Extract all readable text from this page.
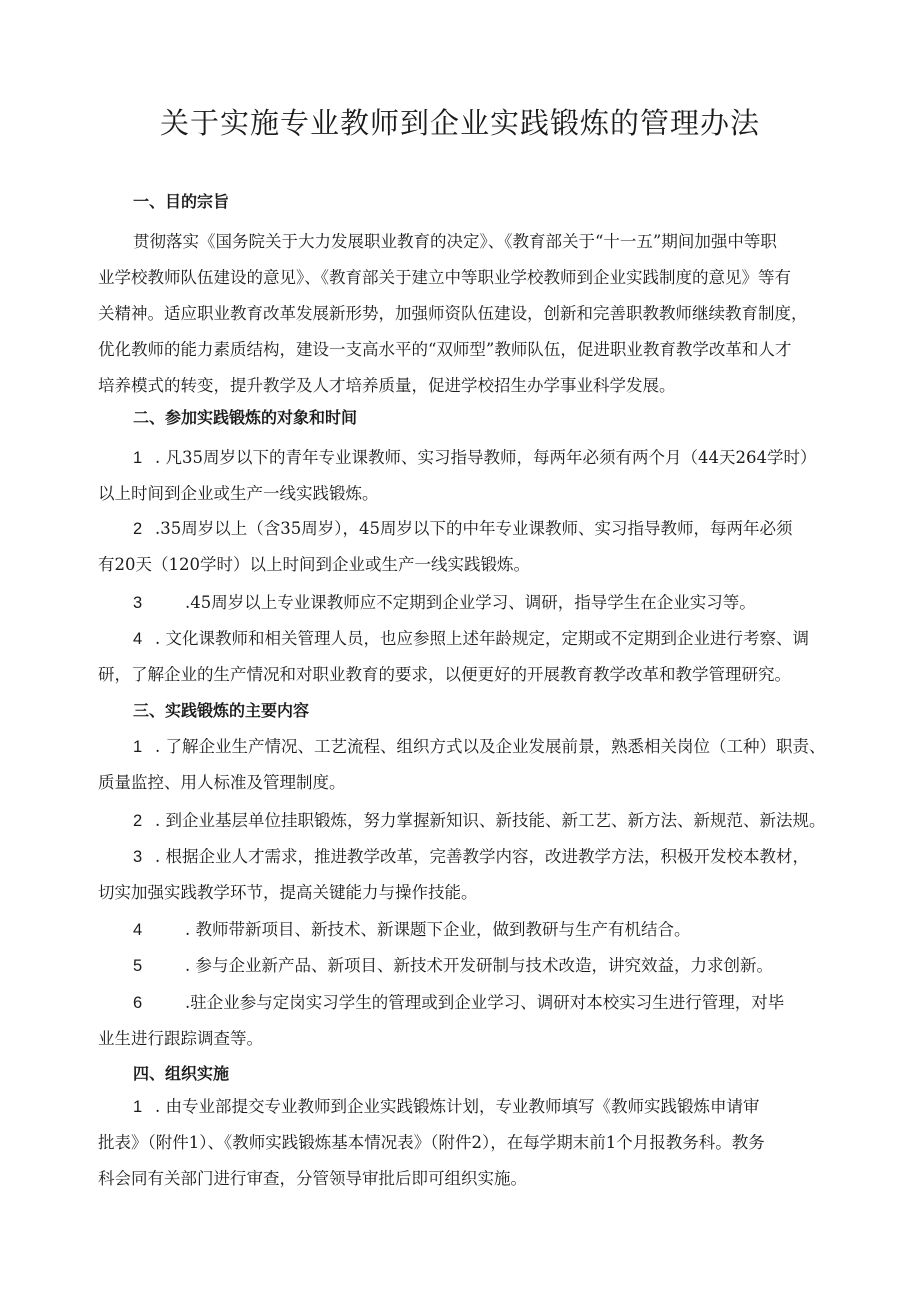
关于实施专业教师到企业实践锻炼的管理办法
一、目的宗旨
贯彻落实《国务院关于大力发展职业教育的决定》、《教育部关于“十一五”期间加强中等职
业学校教师队伍建设的意见》、《教育部关于建立中等职业学校教师到企业实践制度的意见》等有
关精神。适应职业教育改革发展新形势，加强师资队伍建设，创新和完善职教教师继续教育制度，
优化教师的能力素质结构，建设一支高水平的“双师型”教师队伍，促进职业教育教学改革和人才
培养模式的转变，提升教学及人才培养质量，促进学校招生办学事业科学发展。
二、参加实践锻炼的对象和时间
1 . 凡35周岁以下的青年专业课教师、实习指导教师，每两年必须有两个月（44天264学时）
以上时间到企业或生产一线实践锻炼。
2 .35周岁以上（含35周岁），45周岁以下的中年专业课教师、实习指导教师，每两年必须
有20天（120学时）以上时间到企业或生产一线实践锻炼。
3	.45周岁以上专业课教师应不定期到企业学习、调研，指导学生在企业实习等。
4 . 文化课教师和相关管理人员，也应参照上述年龄规定，定期或不定期到企业进行考察、调
研，了解企业的生产情况和对职业教育的要求，以便更好的开展教育教学改革和教学管理研究。
三、实践锻炼的主要内容
1 . 了解企业生产情况、工艺流程、组织方式以及企业发展前景，熟悉相关岗位（工种）职责、
质量监控、用人标准及管理制度。
2 . 到企业基层单位挂职锻炼，努力掌握新知识、新技能、新工艺、新方法、新规范、新法规。
3 . 根据企业人才需求，推进教学改革，完善教学内容，改进教学方法，积极开发校本教材，
切实加强实践教学环节，提高关键能力与操作技能。
4	. 教师带新项目、新技术、新课题下企业，做到教研与生产有机结合。
5	. 参与企业新产品、新项目、新技术开发研制与技术改造，讲究效益，力求创新。
6	.驻企业参与定岗实习学生的管理或到企业学习、调研对本校实习生进行管理，对毕
业生进行跟踪调查等。
四、组织实施
1 . 由专业部提交专业教师到企业实践锻炼计划，专业教师填写《教师实践锻炼申请审
批表》（附件1）、《教师实践锻炼基本情况表》（附件2），在每学期末前1个月报教务科。教务
科会同有关部门进行审查，分管领导审批后即可组织实施。
